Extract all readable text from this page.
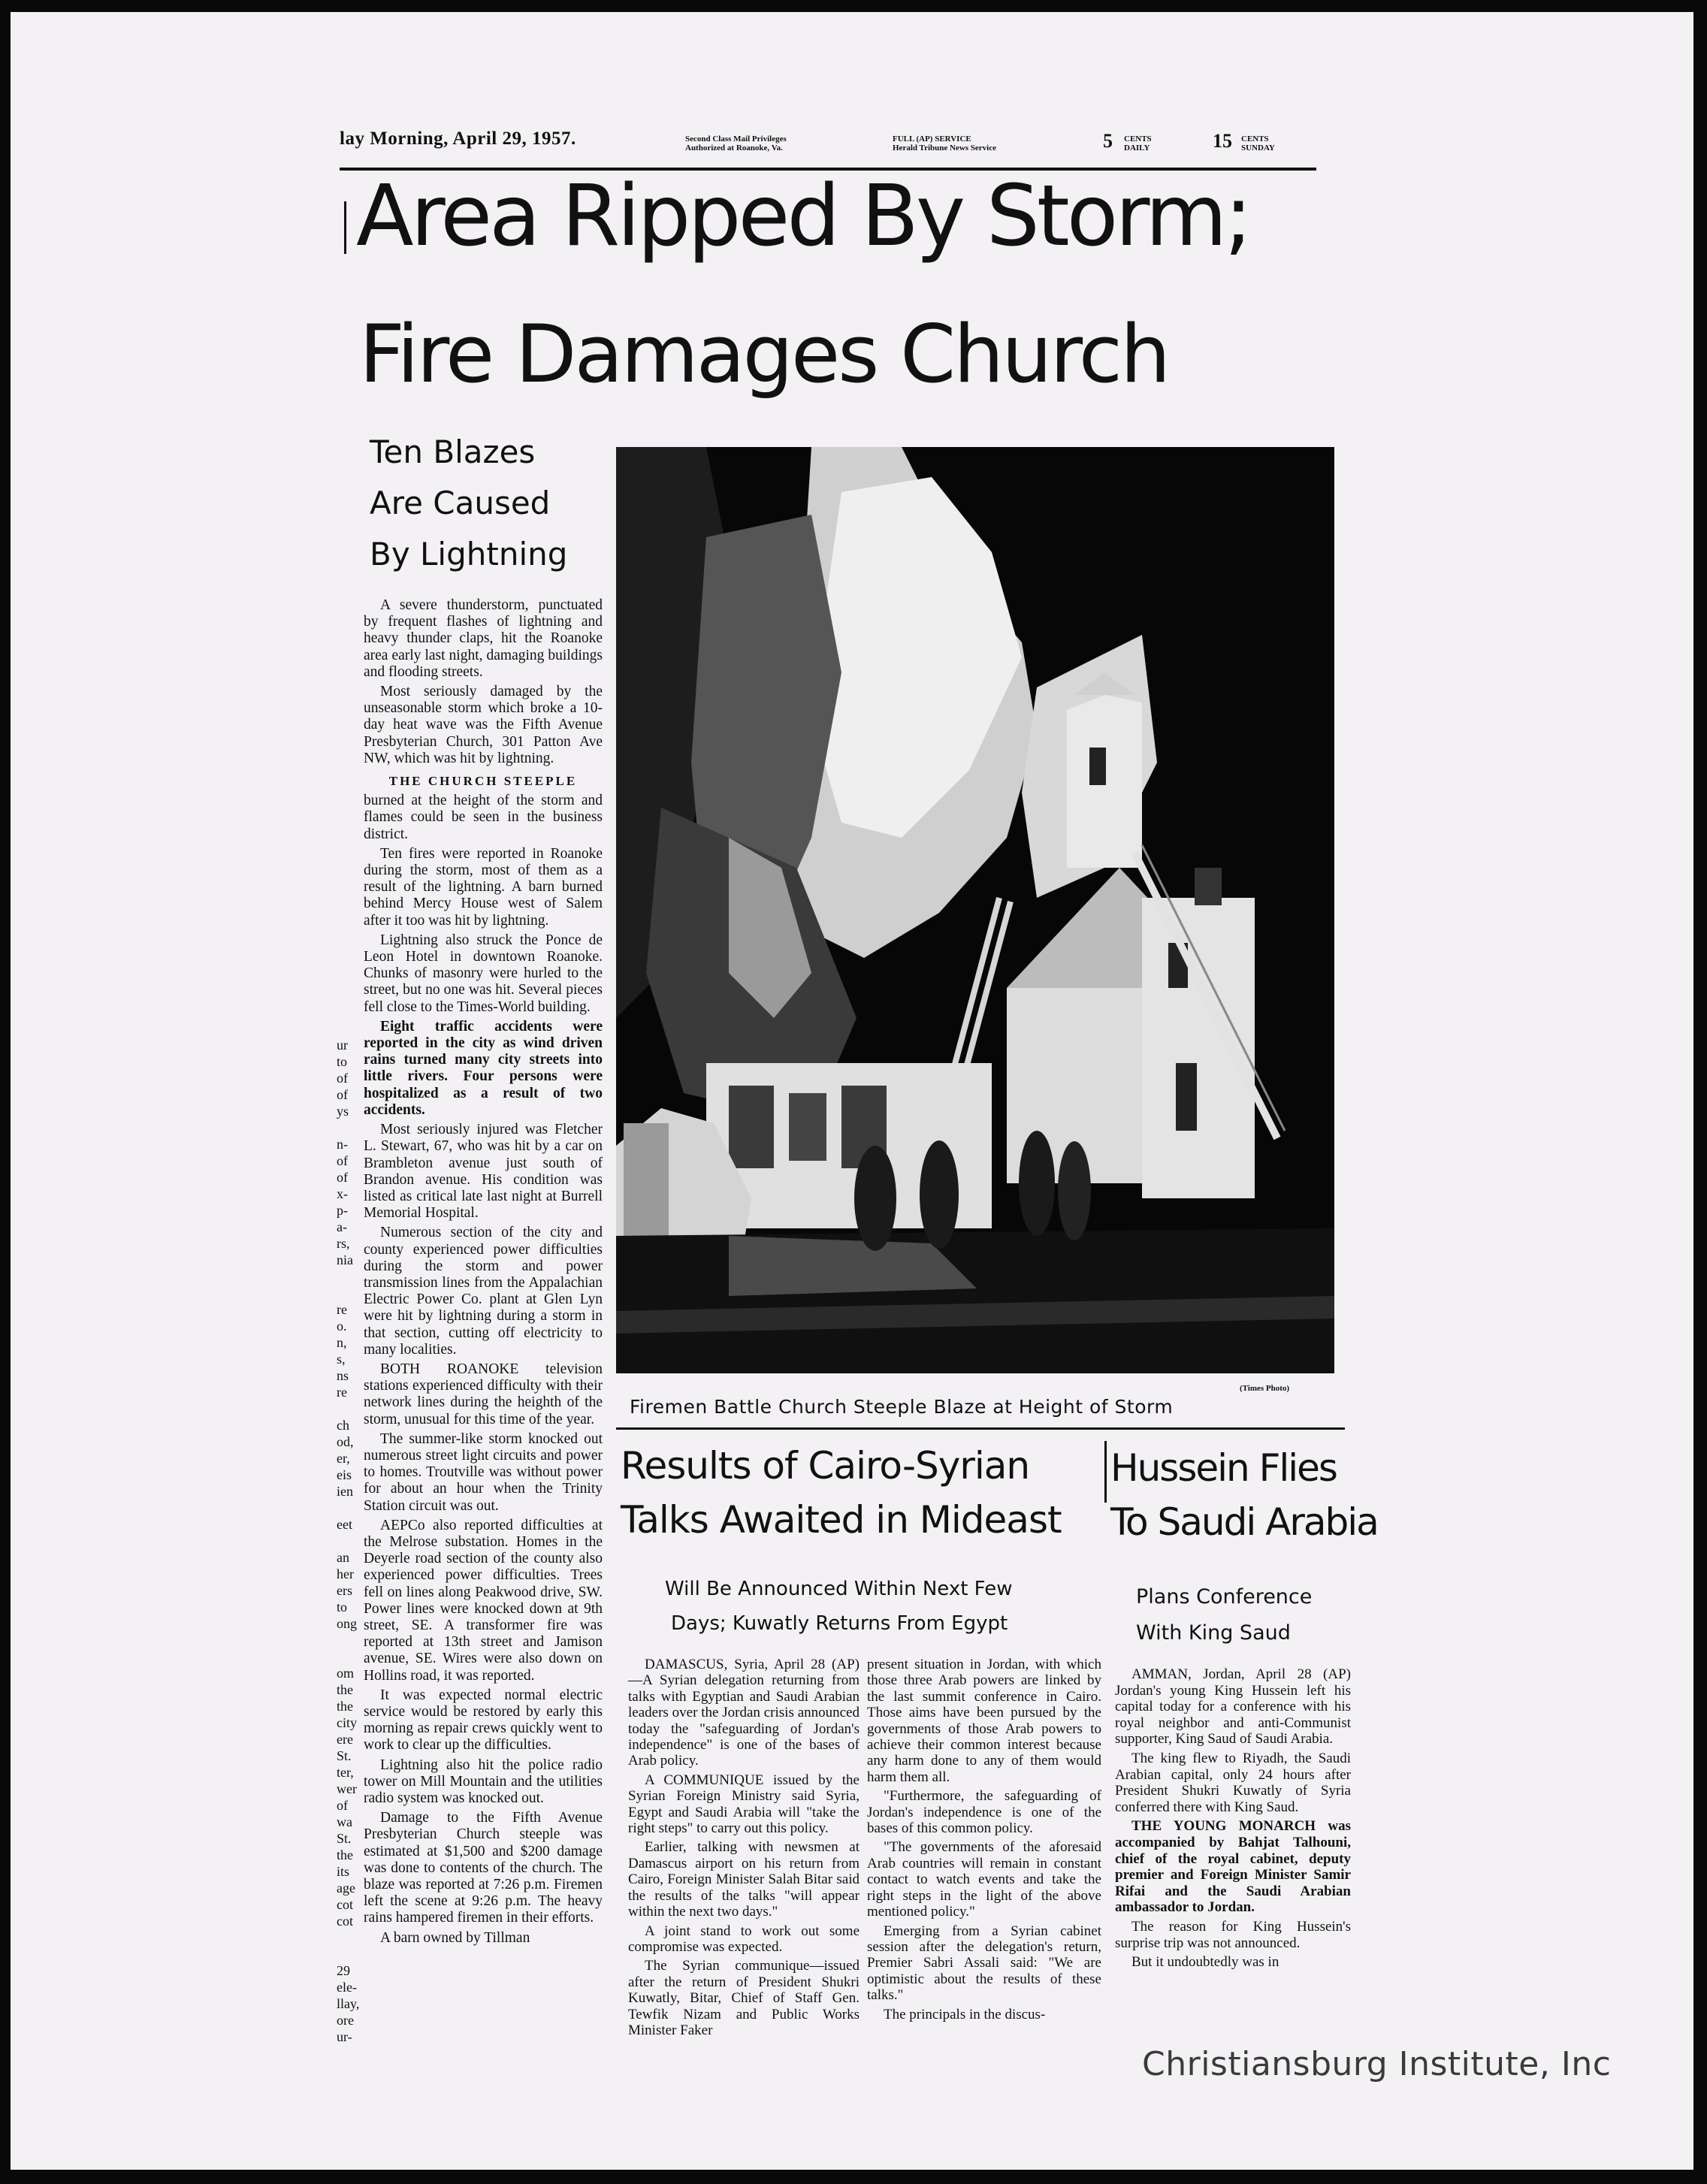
lay Morning, April 29, 1957.	Second Class Mail Privileges
Authorized at Roanoke, Va.
FULL (AP) SERVICE
Herald Tribune News Service	5 CENTS
DAILY	15 CENTS
SUNDAY
Area Ripped By Storm;
Fire Damages Church
Ten Blazes
Are Caused
By Lightning

A severe thunderstorm, punctuated by frequent flashes of lightning and heavy thunder claps, hit the Roanoke area early last night, damaging buildings and flooding streets.

Most seriously damaged by the unseasonable storm which broke a 10-day heat wave was the Fifth Avenue Presbyterian Church, 301 Patton Ave NW, which was hit by lightning.

THE CHURCH STEEPLE

burned at the height of the storm and flames could be seen in the business district.

Ten fires were reported in Roanoke during the storm, most of them as a result of the lightning. A barn burned behind Mercy House west of Salem after it too was hit by lightning.

Lightning also struck the Ponce de Leon Hotel in downtown Roanoke. Chunks of masonry were hurled to the street, but no one was hit. Several pieces fell close to the Times-World building.

Eight traffic accidents were reported in the city as wind driven rains turned many city streets into little rivers. Four persons were hospitalized as a result of two accidents.

Most seriously injured was Fletcher L. Stewart, 67, who was hit by a car on Brambleton avenue just south of Brandon avenue. His condition was listed as critical late last night at Burrell Memorial Hospital.

Numerous section of the city and county experienced power difficulties during the storm and power transmission lines from the Appalachian Electric Power Co. plant at Glen Lyn were hit by lightning during a storm in that section, cutting off electricity to many localities.

BOTH ROANOKE television stations experienced difficulty with their network lines during the heighth of the storm, unusual for this time of the year.

The summer-like storm knocked out numerous street light circuits and power to homes. Troutville was without power for about an hour when the Trinity Station circuit was out.

AEPCo also reported difficulties at the Melrose substation. Homes in the Deyerle road section of the county also experienced power difficulties. Trees fell on lines along Peakwood drive, SW. Power lines were knocked down at 9th street, SE. A transformer fire was reported at 13th street and Jamison avenue, SE. Wires were also down on Hollins road, it was reported.

It was expected normal electric service would be restored by early this morning as repair crews quickly went to work to clear up the difficulties.

Lightning also hit the police radio tower on Mill Mountain and the utilities radio system was knocked out.

Damage to the Fifth Avenue Presbyterian Church steeple was estimated at $1,500 and $200 damage was done to contents of the church. The blaze was reported at 7:26 p.m. Firemen left the scene at 9:26 p.m. The heavy rains hampered firemen in their efforts.

A barn owned by Tillman

ur
to
of
of
ys

n-
of
of
x-
p-
a-
rs,
nia

re
o.
n,
s,
ns
re

ch
od,
er,
eis
ien

eet

an
her
ers
to
ong

om
the
the
city
ere
St.
ter,
wer
of
wa
St.
the
its
age
cot
cot

29
ele-
llay,
ore
ur-
(Times Photo)
Firemen Battle Church Steeple Blaze at Height of Storm
Results of Cairo-Syrian
Talks Awaited in Mideast
Will Be Announced Within Next Few
Days; Kuwatly Returns From Egypt

DAMASCUS, Syria, April 28 (AP)—A Syrian delegation returning from talks with Egyptian and Saudi Arabian leaders over the Jordan crisis announced today the "safeguarding of Jordan's independence" is one of the bases of Arab policy.

A COMMUNIQUE issued by the Syrian Foreign Ministry said Syria, Egypt and Saudi Arabia will "take the right steps" to carry out this policy.

Earlier, talking with newsmen at Damascus airport on his return from Cairo, Foreign Minister Salah Bitar said the results of the talks "will appear within the next two days."

A joint stand to work out some compromise was expected.

The Syrian communique—issued after the return of President Shukri Kuwatly, Bitar, Chief of Staff Gen. Tewfik Nizam and Public Works Minister Faker

present situation in Jordan, with which those three Arab powers are linked by the last summit conference in Cairo. Those aims have been pursued by the governments of those Arab powers to achieve their common interest because any harm done to any of them would harm them all.

"Furthermore, the safeguarding of Jordan's independence is one of the bases of this common policy.

"The governments of the aforesaid Arab countries will remain in constant contact to watch events and take the right steps in the light of the above mentioned policy."

Emerging from a Syrian cabinet session after the delegation's return, Premier Sabri Assali said: "We are optimistic about the results of these talks."

The principals in the discus-

Hussein Flies
To Saudi Arabia
Plans Conference
With King Saud

AMMAN, Jordan, April 28 (AP) Jordan's young King Hussein left his capital today for a conference with his royal neighbor and anti-Communist supporter, King Saud of Saudi Arabia.

The king flew to Riyadh, the Saudi Arabian capital, only 24 hours after President Shukri Kuwatly of Syria conferred there with King Saud.

THE YOUNG MONARCH was accompanied by Bahjat Talhouni, chief of the royal cabinet, deputy premier and Foreign Minister Samir Rifai and the Saudi Arabian ambassador to Jordan.

The reason for King Hussein's surprise trip was not announced.

But it undoubtedly was in

Christiansburg Institute, Inc
